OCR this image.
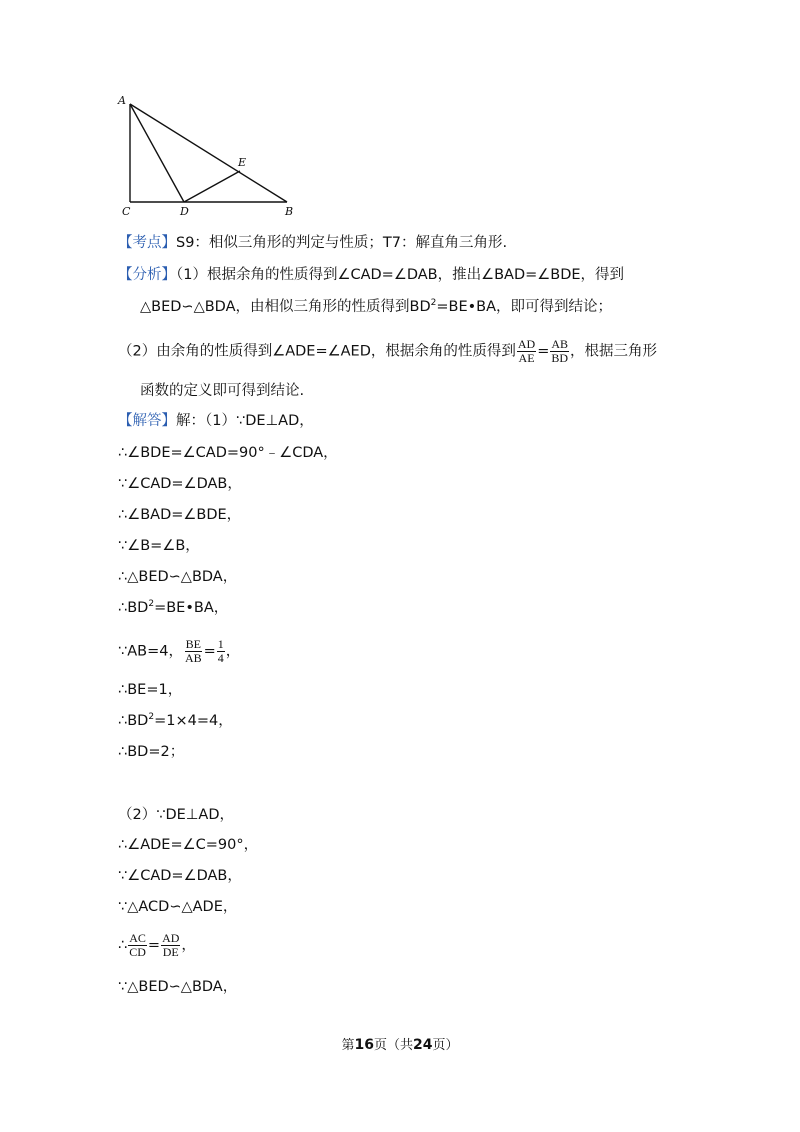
A
C	D	B
E
【考点】S9：相似三角形的判定与性质；T7：解直角三角形.
【分析】（1）根据余角的性质得到∠CAD=∠DAB，推出∠BAD=∠BDE，得到
△BED∽△BDA，由相似三角形的性质得到$BD^2=BE•BA$，即可得到结论；
（2）由余角的性质得到∠ADE=∠AED，根据余角的性质得到 $\frac{AD}{AE} = \frac{AB}{BD}$ ，根据三角形
函数的定义即可得到结论.
【解答】解：（1）∵DE⊥AD，
∴∠BDE=∠CAD=90°﹣∠CDA，
∵∠CAD=∠DAB，
∴∠BAD=∠BDE，
∵∠B=∠B，
∴△BED∽△BDA，
$\therefore BD^2=BE•BA$，
∵AB=4， $\frac{BE}{AB} = \frac{1}{4}$ ，
∴BE=1，
$\therefore BD^2=1\times 4=4$，
∴BD=2；
（2）∵DE⊥AD，
∴∠ADE=∠C=90°，
∵∠CAD=∠DAB，
∵△ACD∽△ADE，
∴ $\frac{AC}{CD} = \frac{AD}{DE}$ ，
∵△BED∽△BDA，
第16页（共24页）
